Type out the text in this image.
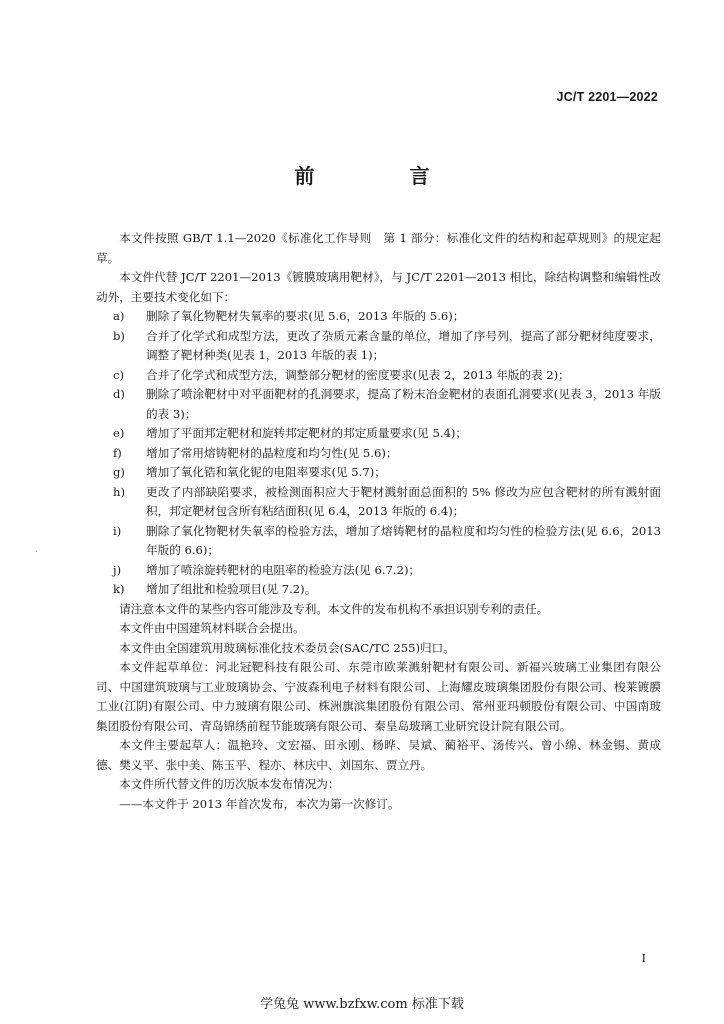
JC/T 2201—2022
前 言

本文件按照 GB/T 1.1—2020《标准化工作导则　第 1 部分：标准化文件的结构和起草规则》的规定起草。

本文件代替 JC/T 2201—2013《镀膜玻璃用靶材》，与 JC/T 2201—2013 相比，除结构调整和编辑性改动外，主要技术变化如下：

a)	删除了氧化物靶材失氧率的要求(见 5.6，2013 年版的 5.6)；
b)	合并了化学式和成型方法，更改了杂质元素含量的单位，增加了序号列，提高了部分靶材纯度要求，调整了靶材种类(见表 1，2013 年版的表 1)；
c)	合并了化学式和成型方法，调整部分靶材的密度要求(见表 2，2013 年版的表 2)；
d)	删除了喷涂靶材中对平面靶材的孔洞要求，提高了粉末冶金靶材的表面孔洞要求(见表 3，2013 年版的表 3)；
e)	增加了平面邦定靶材和旋转邦定靶材的邦定质量要求(见 5.4)；
f)	增加了常用熔铸靶材的晶粒度和均匀性(见 5.6)；
g)	增加了氧化锆和氧化铌的电阻率要求(见 5.7)；
h)	更改了内部缺陷要求，被检测面积应大于靶材溅射面总面积的 5% 修改为应包含靶材的所有溅射面积，邦定靶材包含所有粘结面积(见 6.4，2013 年版的 6.4)；
i)	删除了氧化物靶材失氧率的检验方法，增加了熔铸靶材的晶粒度和均匀性的检验方法(见 6.6，2013 年版的 6.6)；
j)	增加了喷涂旋转靶材的电阻率的检验方法(见 6.7.2)；
k)	增加了组批和检验项目(见 7.2)。

请注意本文件的某些内容可能涉及专利。本文件的发布机构不承担识别专利的责任。

本文件由中国建筑材料联合会提出。

本文件由全国建筑用玻璃标准化技术委员会(SAC/TC 255)归口。

本文件起草单位：河北冠靶科技有限公司、东莞市欧莱溅射靶材有限公司、新福兴玻璃工业集团有限公司、中国建筑玻璃与工业玻璃协会、宁波森利电子材料有限公司、上海耀皮玻璃集团股份有限公司、梭莱镀膜工业(江阴)有限公司、中力玻璃有限公司、株洲旗滨集团股份有限公司、常州亚玛顿股份有限公司、中国南玻集团股份有限公司、青岛锦绣前程节能玻璃有限公司、秦皇岛玻璃工业研究设计院有限公司。

本文件主要起草人：温艳玲、文宏福、田永刚、杨晔、吴斌、蔺裕平、汤传兴、曾小绵、林金锡、黄成德、樊义平、张中美、陈玉平、程亦、林庆中、刘国东、贾立丹。

本文件所代替文件的历次版本发布情况为：

——本文件于 2013 年首次发布，本次为第一次修订。

I
学兔兔 www.bzfxw.com 标准下载
